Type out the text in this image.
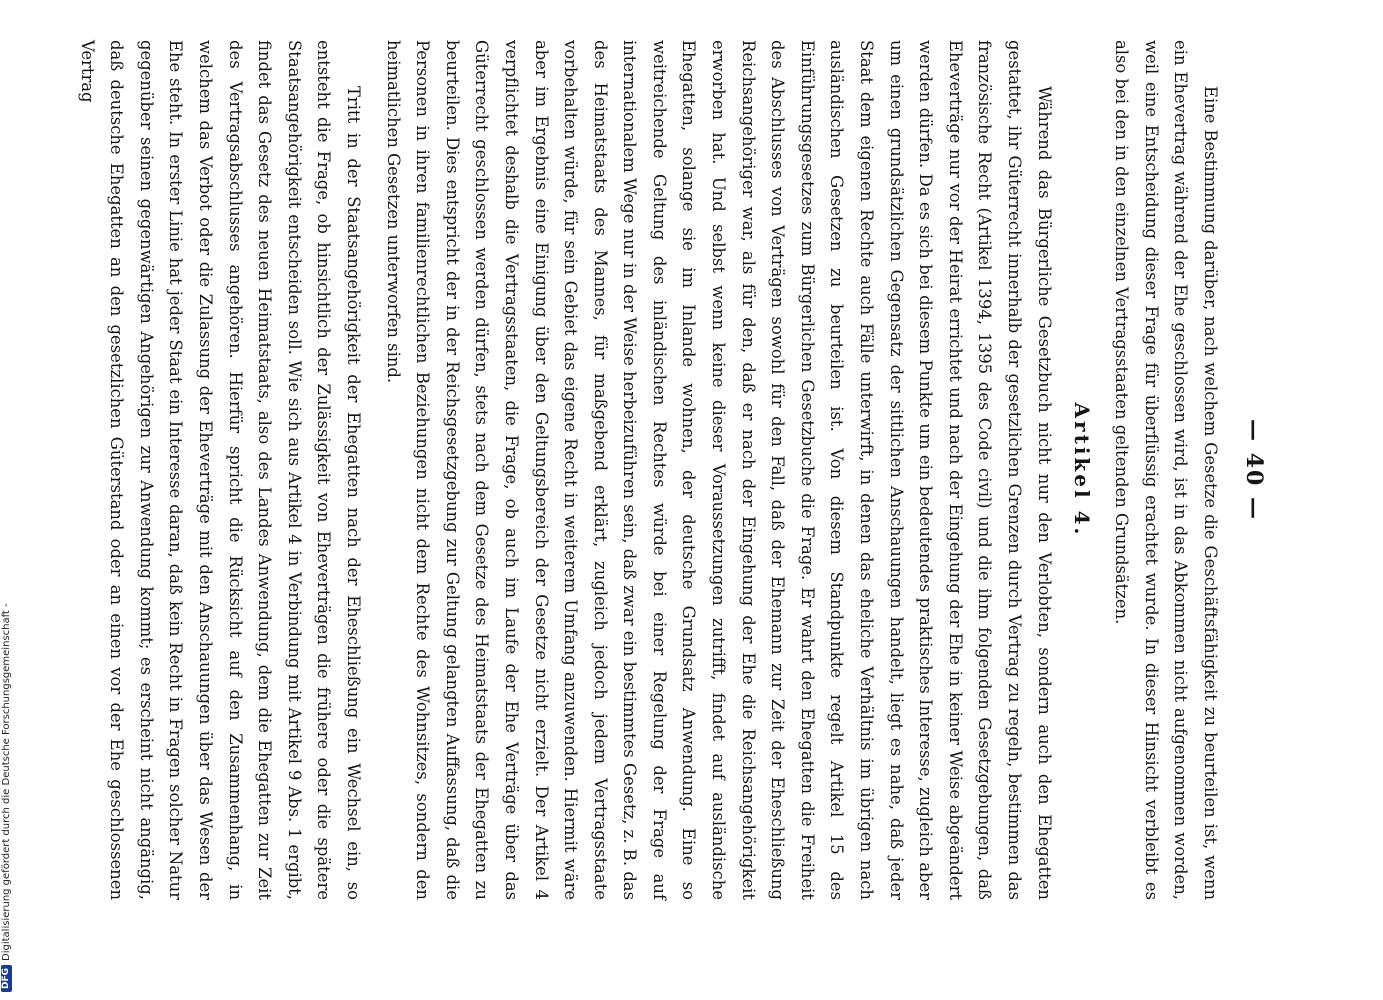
— 40 —

Eine Bestimmung darüber, nach welchem Gesetze die Geschäftsfähigkeit zu beurteilen ist, wenn ein Ehevertrag während der Ehe geschlossen wird, ist in das Abkommen nicht aufgenommen worden, weil eine Entscheidung dieser Frage für überflüssig erachtet wurde. In dieser Hinsicht verbleibt es also bei den in den einzelnen Vertragsstaaten geltenden Grundsätzen.

Artikel 4.

Während das Bürgerliche Gesetzbuch nicht nur den Verlobten, sondern auch den Ehegatten gestattet, ihr Güterrecht innerhalb der gesetzlichen Grenzen durch Vertrag zu regeln, bestimmen das französische Recht (Artikel 1394, 1395 des Code civil) und die ihm folgenden Gesetzgebungen, daß Eheverträge nur vor der Heirat errichtet und nach der Eingehung der Ehe in keiner Weise abgeändert werden dürfen. Da es sich bei diesem Punkte um ein bedeutendes praktisches Interesse, zugleich aber um einen grundsätzlichen Gegensatz der sittlichen Anschauungen handelt, liegt es nahe, daß jeder Staat dem eigenen Rechte auch Fälle unterwirft, in denen das eheliche Verhältnis im übrigen nach ausländischen Gesetzen zu beurteilen ist. Von diesem Standpunkte regelt Artikel 15 des Einführungsgesetzes zum Bürgerlichen Gesetzbuche die Frage. Er wahrt den Ehegatten die Freiheit des Abschlusses von Verträgen sowohl für den Fall, daß der Ehemann zur Zeit der Eheschließung Reichsangehöriger war, als für den, daß er nach der Eingehung der Ehe die Reichsangehörigkeit erworben hat. Und selbst wenn keine dieser Voraussetzungen zutrifft, findet auf ausländische Ehegatten, solange sie im Inlande wohnen, der deutsche Grundsatz Anwendung. Eine so weitreichende Geltung des inländischen Rechtes würde bei einer Regelung der Frage auf internationalem Wege nur in der Weise herbeizuführen sein, daß zwar ein bestimmtes Gesetz, z. B. das des Heimatstaats des Mannes, für maßgebend erklärt, zugleich jedoch jedem Vertragsstaate vorbehalten würde, für sein Gebiet das eigene Recht in weiterem Umfang anzuwenden. Hiermit wäre aber im Ergebnis eine Einigung über den Geltungsbereich der Gesetze nicht erzielt. Der Artikel 4 verpflichtet deshalb die Vertragsstaaten, die Frage, ob auch im Laufe der Ehe Verträge über das Güterrecht geschlossen werden dürfen, stets nach dem Gesetze des Heimatstaats der Ehegatten zu beurteilen. Dies entspricht der in der Reichsgesetzgebung zur Geltung gelangten Auffassung, daß die Personen in ihren familienrechtlichen Beziehungen nicht dem Rechte des Wohnsitzes, sondern den heimatlichen Gesetzen unterworfen sind.

Tritt in der Staatsangehörigkeit der Ehegatten nach der Eheschließung ein Wechsel ein, so entsteht die Frage, ob hinsichtlich der Zulässigkeit von Eheverträgen die frühere oder die spätere Staatsangehörigkeit entscheiden soll. Wie sich aus Artikel 4 in Verbindung mit Artikel 9 Abs. 1 ergibt, findet das Gesetz des neuen Heimatstaats, also des Landes Anwendung, dem die Ehegatten zur Zeit des Vertragsabschlusses angehören. Hierfür spricht die Rücksicht auf den Zusammenhang, in welchem das Verbot oder die Zulassung der Eheverträge mit den Anschauungen über das Wesen der Ehe steht. In erster Linie hat jeder Staat ein Interesse daran, daß kein Recht in Fragen solcher Natur gegenüber seinen gegenwärtigen Angehörigen zur Anwendung kommt; es erscheint nicht angängig, daß deutsche Ehegatten an den gesetzlichen Güterstand oder an einen vor der Ehe geschlossenen Vertrag

DFGDigitalisierung gefördert durch die Deutsche Forschungsgemeinschaft -
